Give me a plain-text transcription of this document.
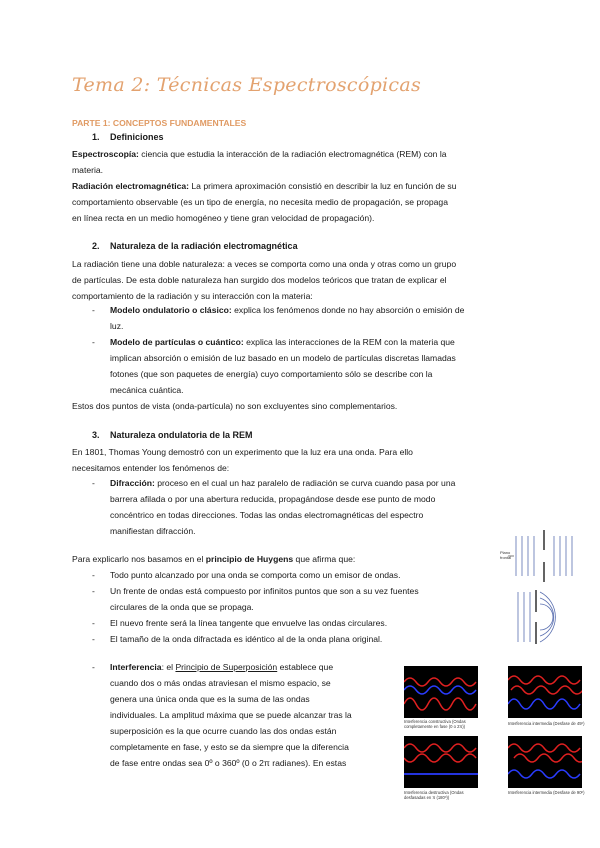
Tema 2: Técnicas Espectroscópicas
PARTE 1: CONCEPTOS FUNDAMENTALES
1. Definiciones
Espectroscopía: ciencia que estudia la interacción de la radiación electromagnética (REM) con la
materia.
Radiación electromagnética: La primera aproximación consistió en describir la luz en función de su
comportamiento observable (es un tipo de energía, no necesita medio de propagación, se propaga
en línea recta en un medio homogéneo y tiene gran velocidad de propagación).
2. Naturaleza de la radiación electromagnética
La radiación tiene una doble naturaleza: a veces se comporta como una onda y otras como un grupo
de partículas. De esta doble naturaleza han surgido dos modelos teóricos que tratan de explicar el
comportamiento de la radiación y su interacción con la materia:
- Modelo ondulatorio o clásico: explica los fenómenos donde no hay absorción o emisión de
luz.
- Modelo de partículas o cuántico: explica las interacciones de la REM con la materia que
implican absorción o emisión de luz basado en un modelo de partículas discretas llamadas
fotones (que son paquetes de energía) cuyo comportamiento sólo se describe con la
mecánica cuántica.
Estos dos puntos de vista (onda-partícula) no son excluyentes sino complementarios.
3. Naturaleza ondulatoria de la REM
En 1801, Thomas Young demostró con un experimento que la luz era una onda. Para ello
necesitamos entender los fenómenos de:
- Difracción: proceso en el cual un haz paralelo de radiación se curva cuando pasa por una
barrera afilada o por una abertura reducida, propagándose desde ese punto de modo
concéntrico en todas direcciones. Todas las ondas electromagnéticas del espectro
manifiestan difracción.
Para explicarlo nos basamos en el principio de Huygens que afirma que:
- Todo punto alcanzado por una onda se comporta como un emisor de ondas.
- Un frente de ondas está compuesto por infinitos puntos que son a su vez fuentes
circulares de la onda que se propaga.
- El nuevo frente será la línea tangente que envuelve las ondas circulares.
- El tamaño de la onda difractada es idéntico al de la onda plana original.
- Interferencia: el Principio de Superposición establece que
cuando dos o más ondas atraviesan el mismo espacio, se
genera una única onda que es la suma de las ondas
individuales. La amplitud máxima que se puede alcanzar tras la
superposición es la que ocurre cuando las dos ondas están
completamente en fase, y esto se da siempre que la diferencia
de fase entre ondas sea 0º o 360º (0 o 2π radianes). En estas
Plano
frontal
Interferencia constructiva (Ondas
completamente en fase (0 o 2π))
Interferencia intermedia (Desfase de 45º)
Interferencia destructiva (Ondas
desfasadas en π (180º))
Interferencia intermedia (Desfase de 90º)
